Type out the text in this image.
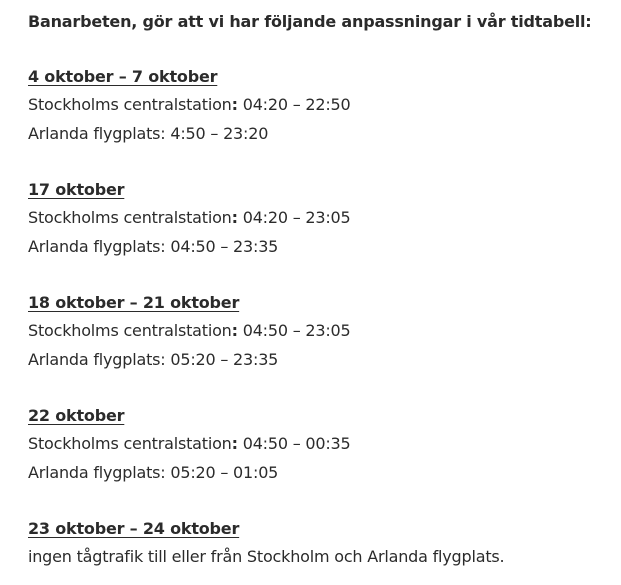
Banarbeten, gör att vi har följande anpassningar i vår tidtabell:

4 oktober – 7 oktober

Stockholms centralstation: 04:20 – 22:50

Arlanda flygplats: 4:50 – 23:20

17 oktober

Stockholms centralstation: 04:20 – 23:05

Arlanda flygplats: 04:50 – 23:35

18 oktober – 21 oktober

Stockholms centralstation: 04:50 – 23:05

Arlanda flygplats: 05:20 – 23:35

22 oktober

Stockholms centralstation: 04:50 – 00:35

Arlanda flygplats: 05:20 – 01:05

23 oktober – 24 oktober

ingen tågtrafik till eller från Stockholm och Arlanda flygplats.
